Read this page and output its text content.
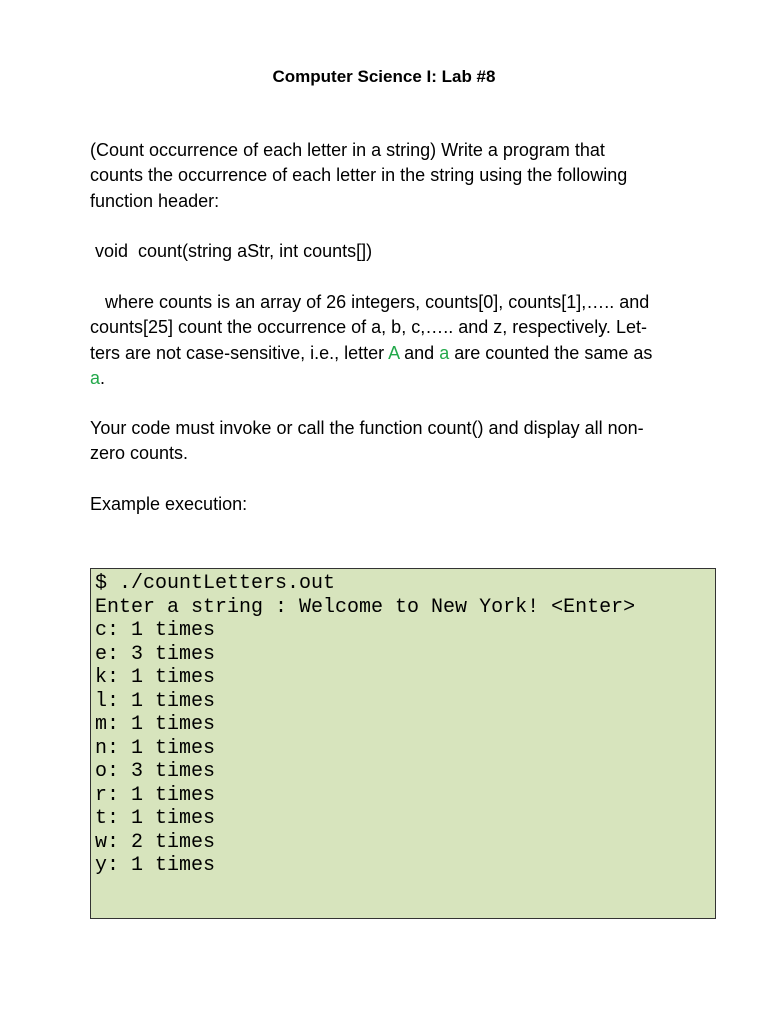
Computer Science I: Lab #8
(Count occurrence of each letter in a string) Write a program that
counts the occurrence of each letter in the string using the following
function header:
void  count(string aStr, int counts[])
where counts is an array of 26 integers, counts[0], counts[1],….. and
counts[25] count the occurrence of a, b, c,….. and z, respectively. Let-
ters are not case-sensitive, i.e., letter A and a are counted the same as
a.
Your code must invoke or call the function count() and display all non-
zero counts.
Example execution:
$ ./countLetters.out
Enter a string : Welcome to New York! <Enter>
c: 1 times
e: 3 times
k: 1 times
l: 1 times
m: 1 times
n: 1 times
o: 3 times
r: 1 times
t: 1 times
w: 2 times
y: 1 times
